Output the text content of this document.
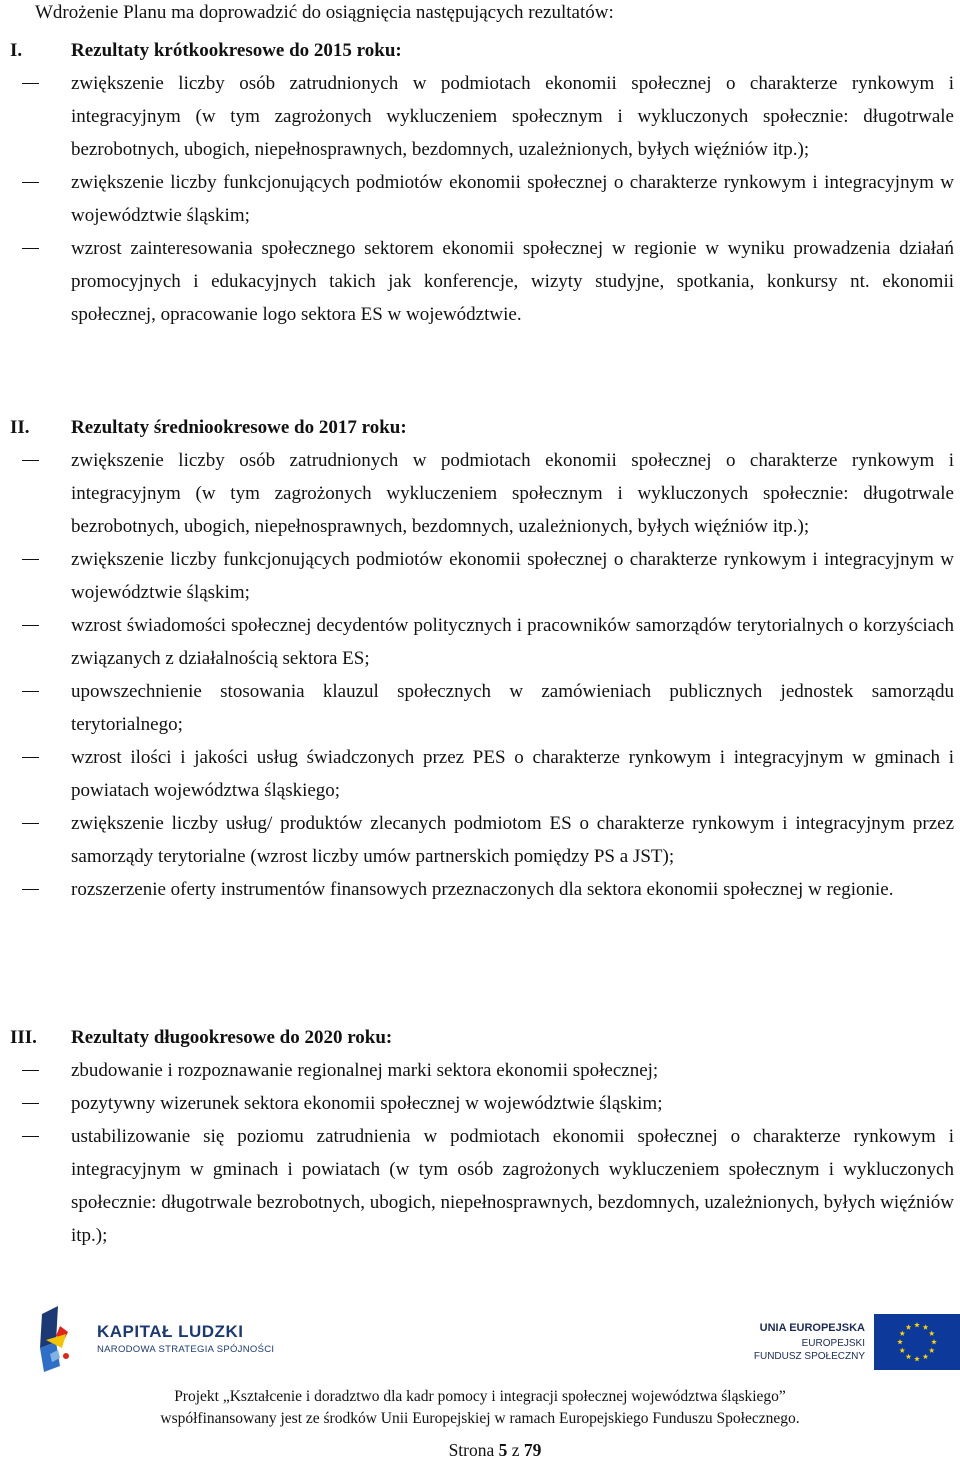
Wdrożenie Planu ma doprowadzić do osiągnięcia następujących rezultatów:
I.	Rezultaty krótkookresowe do 2015 roku:
zwiększenie liczby osób zatrudnionych w podmiotach ekonomii społecznej o charakterze rynkowym i integracyjnym (w tym zagrożonych wykluczeniem społecznym i wykluczonych społecznie: długotrwale bezrobotnych, ubogich, niepełnosprawnych, bezdomnych, uzależnionych, byłych więźniów itp.);
zwiększenie liczby funkcjonujących podmiotów ekonomii społecznej o charakterze rynkowym i integracyjnym w województwie śląskim;
wzrost zainteresowania społecznego sektorem ekonomii społecznej w regionie w wyniku prowadzenia działań promocyjnych i edukacyjnych takich jak konferencje, wizyty studyjne, spotkania, konkursy nt. ekonomii społecznej, opracowanie logo sektora ES w województwie.
II.	Rezultaty średniookresowe do 2017 roku:
zwiększenie liczby osób zatrudnionych w podmiotach ekonomii społecznej o charakterze rynkowym i integracyjnym (w tym zagrożonych wykluczeniem społecznym i wykluczonych społecznie: długotrwale bezrobotnych, ubogich, niepełnosprawnych, bezdomnych, uzależnionych, byłych więźniów itp.);
zwiększenie liczby funkcjonujących podmiotów ekonomii społecznej o charakterze rynkowym i integracyjnym w województwie śląskim;
wzrost świadomości społecznej decydentów politycznych i pracowników samorządów terytorialnych o korzyściach związanych z działalnością sektora ES;
upowszechnienie stosowania klauzul społecznych w zamówieniach publicznych jednostek samorządu terytorialnego;
wzrost ilości i jakości usług świadczonych przez PES o charakterze rynkowym i integracyjnym w gminach i powiatach województwa śląskiego;
zwiększenie liczby usług/ produktów zlecanych podmiotom ES o charakterze rynkowym i integracyjnym przez samorządy terytorialne (wzrost liczby umów partnerskich pomiędzy PS a JST);
rozszerzenie oferty instrumentów finansowych przeznaczonych dla sektora ekonomii społecznej w regionie.
III.	Rezultaty długookresowe do 2020 roku:
zbudowanie i rozpoznawanie regionalnej marki sektora ekonomii społecznej;
pozytywny wizerunek sektora ekonomii społecznej w województwie śląskim;
ustabilizowanie się poziomu zatrudnienia w podmiotach ekonomii społecznej o charakterze rynkowym i integracyjnym w gminach i powiatach (w tym osób zagrożonych wykluczeniem społecznym i wykluczonych społecznie: długotrwale bezrobotnych, ubogich, niepełnosprawnych, bezdomnych, uzależnionych, byłych więźniów itp.);
KAPITAŁ LUDZKI
NARODOWA STRATEGIA SPÓJNOŚCI
UNIA EUROPEJSKA
EUROPEJSKI
FUNDUSZ SPOŁECZNY
Projekt „Kształcenie i doradztwo dla kadr pomocy i integracji społecznej województwa śląskiego”
współfinansowany jest ze środków Unii Europejskiej w ramach Europejskiego Funduszu Społecznego.
Strona 5 z 79
